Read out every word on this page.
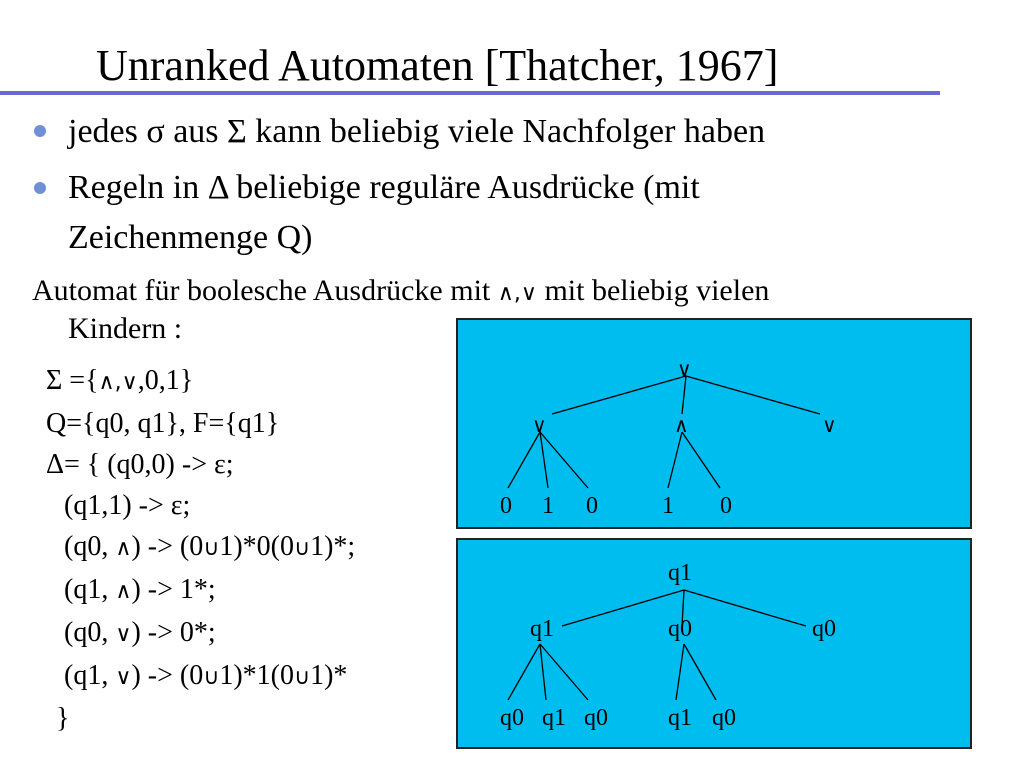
Unranked Automaten [Thatcher, 1967]
jedes σ aus Σ kann beliebig viele Nachfolger haben
Regeln in Δ beliebige reguläre Ausdrücke (mit
Zeichenmenge Q)
Automat für boolesche Ausdrücke mit ∧,∨ mit beliebig vielen
Kindern :
Σ ={∧,∨,0,1}
Q={q0, q1}, F={q1}
Δ= { (q0,0) -> ε;
(q1,1) -> ε;
(q0, ∧) -> (0∪1)*0(0∪1)*;
(q1, ∧) -> 1*;
(q0, ∨) -> 0*;
(q1, ∨) -> (0∪1)*1(0∪1)*
}
∨
∨	∧	∨
0 1 0	1 0
q1
q1	q0	q0
q0 q1 q0	q1 q0
